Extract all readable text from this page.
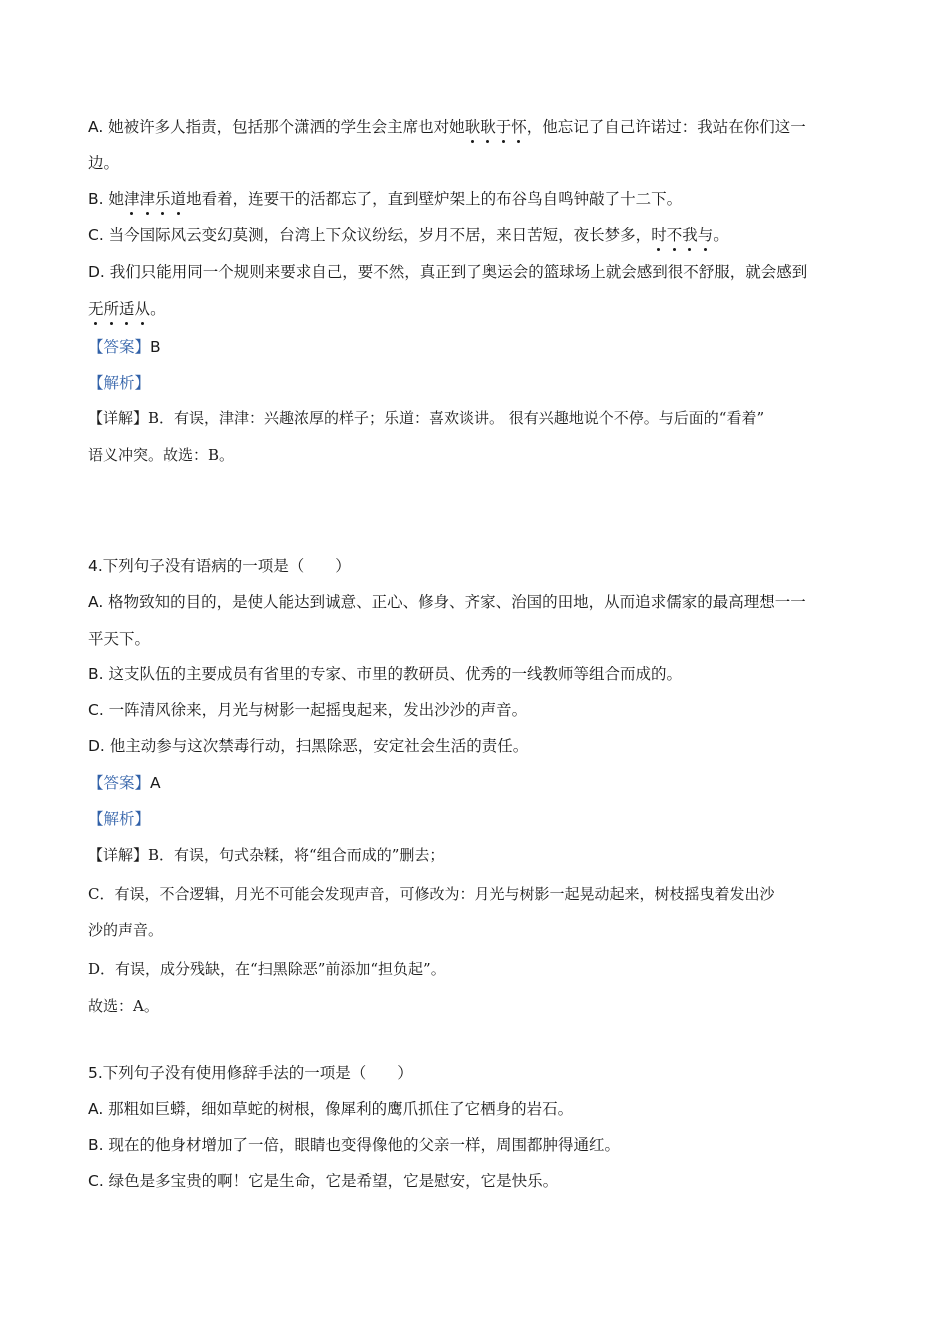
A. 她被许多人指责，包括那个潇洒的学生会主席也对她耿耿于怀，他忘记了自己许诺过：我站在你们这一
边。
B. 她津津乐道地看着，连要干的活都忘了，直到壁炉架上的布谷鸟自鸣钟敲了十二下。
C. 当今国际风云变幻莫测，台湾上下众议纷纭，岁月不居，来日苦短，夜长梦多，时不我与。
D. 我们只能用同一个规则来要求自己，要不然，真正到了奥运会的篮球场上就会感到很不舒服，就会感到
无所适从。
【答案】B
【解析】
【详解】B．有误，津津：兴趣浓厚的样子；乐道：喜欢谈讲。 很有兴趣地说个不停。与后面的“看着”
语义冲突。故选：B。
4.下列句子没有语病的一项是（　　）
A. 格物致知的目的，是使人能达到诚意、正心、修身、齐家、治国的田地，从而追求儒家的最高理想一一
平天下。
B. 这支队伍的主要成员有省里的专家、市里的教研员、优秀的一线教师等组合而成的。
C. 一阵清风徐来，月光与树影一起摇曳起来，发出沙沙的声音。
D. 他主动参与这次禁毒行动，扫黑除恶，安定社会生活的责任。
【答案】A
【解析】
【详解】B．有误，句式杂糅，将“组合而成的”删去；
C．有误，不合逻辑，月光不可能会发现声音，可修改为：月光与树影一起晃动起来，树枝摇曳着发出沙
沙的声音。
D．有误，成分残缺，在“扫黑除恶”前添加“担负起”。
故选：A。
5.下列句子没有使用修辞手法的一项是（　　）
A. 那粗如巨蟒，细如草蛇的树根，像犀利的鹰爪抓住了它栖身的岩石。
B. 现在的他身材增加了一倍，眼睛也变得像他的父亲一样，周围都肿得通红。
C. 绿色是多宝贵的啊！它是生命，它是希望，它是慰安，它是快乐。
